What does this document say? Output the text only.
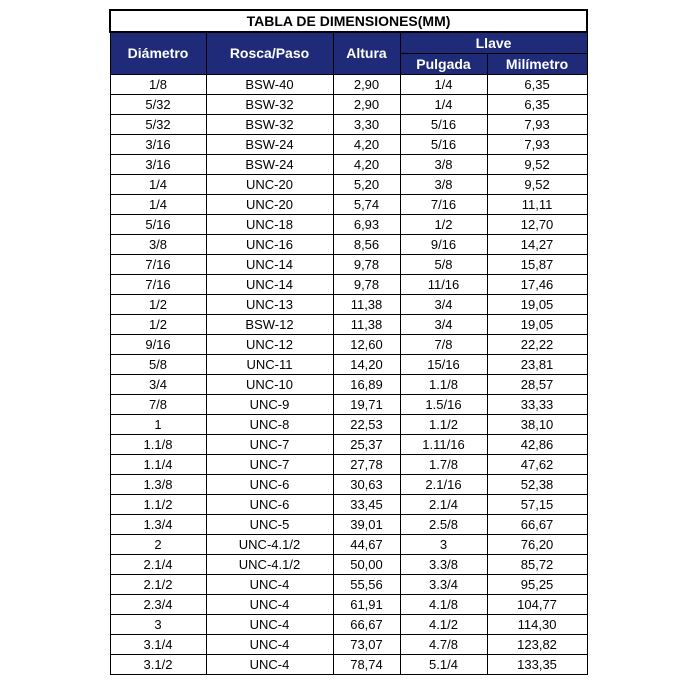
TABLA DE DIMENSIONES(MM)				
Diámetro	Rosca/Paso	Altura	Llave	
			Pulgada	Milímetro
1/8	BSW-40	2,90	1/4	6,35
5/32	BSW-32	2,90	1/4	6,35
5/32	BSW-32	3,30	5/16	7,93
3/16	BSW-24	4,20	5/16	7,93
3/16	BSW-24	4,20	3/8	9,52
1/4	UNC-20	5,20	3/8	9,52
1/4	UNC-20	5,74	7/16	11,11
5/16	UNC-18	6,93	1/2	12,70
3/8	UNC-16	8,56	9/16	14,27
7/16	UNC-14	9,78	5/8	15,87
7/16	UNC-14	9,78	11/16	17,46
1/2	UNC-13	11,38	3/4	19,05
1/2	BSW-12	11,38	3/4	19,05
9/16	UNC-12	12,60	7/8	22,22
5/8	UNC-11	14,20	15/16	23,81
3/4	UNC-10	16,89	1.1/8	28,57
7/8	UNC-9	19,71	1.5/16	33,33
1	UNC-8	22,53	1.1/2	38,10
1.1/8	UNC-7	25,37	1.11/16	42,86
1.1/4	UNC-7	27,78	1.7/8	47,62
1.3/8	UNC-6	30,63	2.1/16	52,38
1.1/2	UNC-6	33,45	2.1/4	57,15
1.3/4	UNC-5	39,01	2.5/8	66,67
2	UNC-4.1/2	44,67	3	76,20
2.1/4	UNC-4.1/2	50,00	3.3/8	85,72
2.1/2	UNC-4	55,56	3.3/4	95,25
2.3/4	UNC-4	61,91	4.1/8	104,77
3	UNC-4	66,67	4.1/2	114,30
3.1/4	UNC-4	73,07	4.7/8	123,82
3.1/2	UNC-4	78,74	5.1/4	133,35
